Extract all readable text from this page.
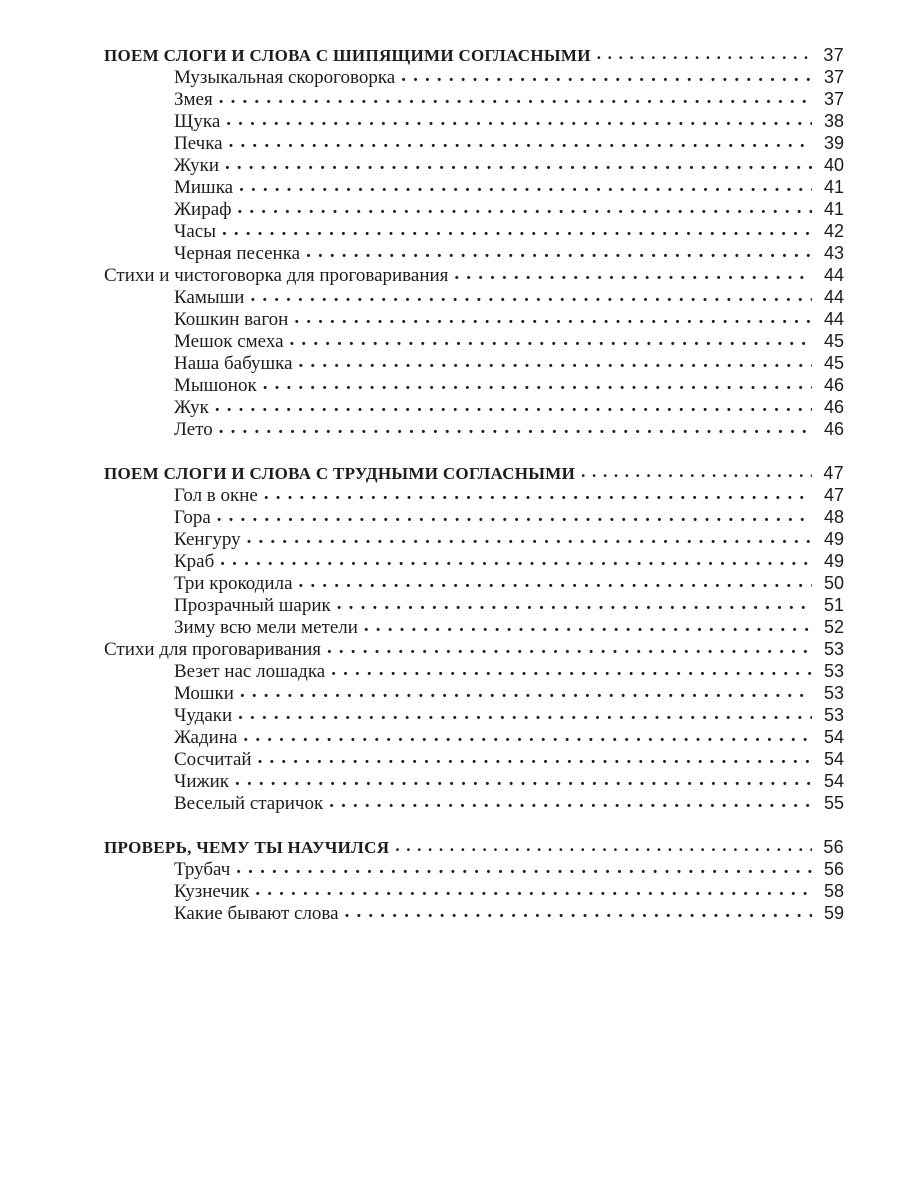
ПОЕМ СЛОГИ И СЛОВА С ШИПЯЩИМИ СОГЛАСНЫМИ . . .	37
Музыкальная скороговорка . . .	37
Змея . . .	37
Щука . . .	38
Печка . . .	39
Жуки . . .	40
Мишка . . .	41
Жираф . . .	41
Часы . . .	42
Черная песенка . . .	43
Стихи и чистоговорка для проговаривания . . .	44
Камыши . . .	44
Кошкин вагон . . .	44
Мешок смеха . . .	45
Наша бабушка . . .	45
Мышонок . . .	46
Жук . . .	46
Лето . . .	46
ПОЕМ СЛОГИ И СЛОВА С ТРУДНЫМИ СОГЛАСНЫМИ . . .	47
Гол в окне . . .	47
Гора . . .	48
Кенгуру . . .	49
Краб . . .	49
Три крокодила . . .	50
Прозрачный шарик . . .	51
Зиму всю мели метели . . .	52
Стихи для проговаривания . . .	53
Везет нас лошадка . . .	53
Мошки . . .	53
Чудаки . . .	53
Жадина . . .	54
Сосчитай . . .	54
Чижик . . .	54
Веселый старичок . . .	55
ПРОВЕРЬ, ЧЕМУ ТЫ НАУЧИЛСЯ . . .	56
Трубач . . .	56
Кузнечик . . .	58
Какие бывают слова . . .	59
